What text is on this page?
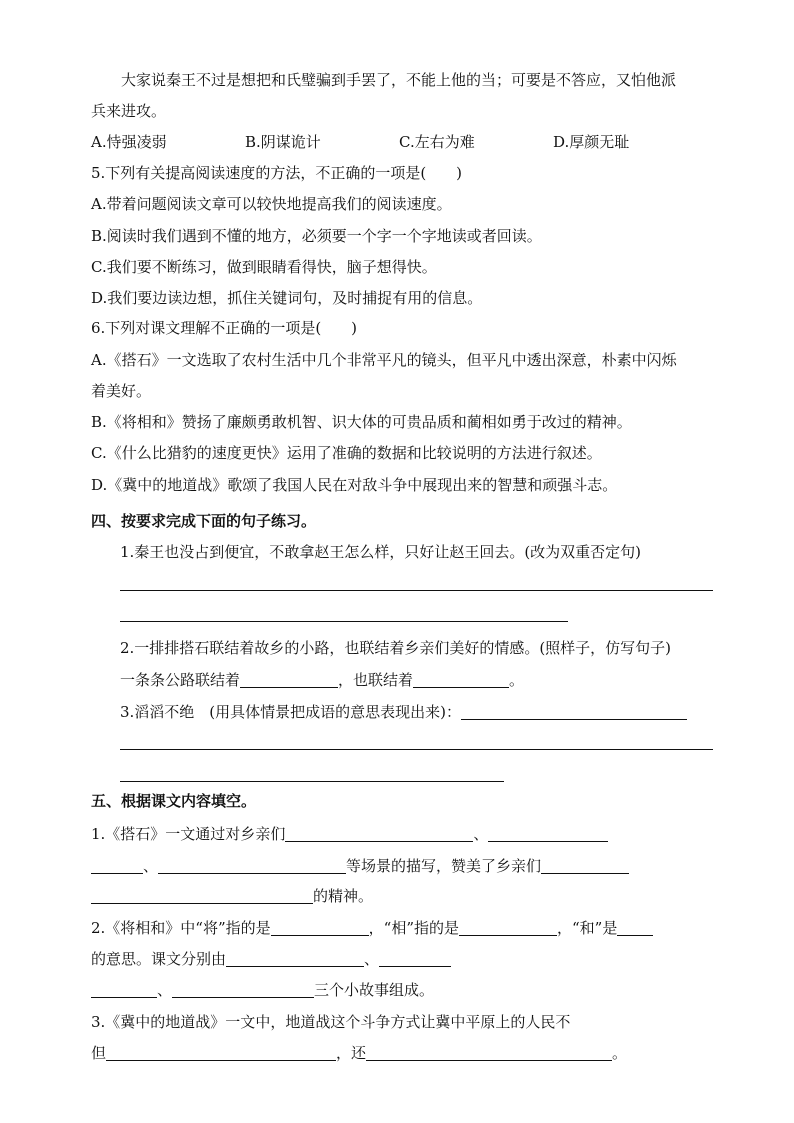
大家说秦王不过是想把和氏璧骗到手罢了，不能上他的当；可要是不答应，又怕他派
兵来进攻。
A.恃强凌弱	B.阴谋诡计	C.左右为难	D.厚颜无耻
5.下列有关提高阅读速度的方法，不正确的一项是(　　)
A.带着问题阅读文章可以较快地提高我们的阅读速度。
B.阅读时我们遇到不懂的地方，必须要一个字一个字地读或者回读。
C.我们要不断练习，做到眼睛看得快，脑子想得快。
D.我们要边读边想，抓住关键词句，及时捕捉有用的信息。
6.下列对课文理解不正确的一项是(　　)
A.《搭石》一文选取了农村生活中几个非常平凡的镜头，但平凡中透出深意，朴素中闪烁
着美好。
B.《将相和》赞扬了廉颇勇敢机智、识大体的可贵品质和蔺相如勇于改过的精神。
C.《什么比猎豹的速度更快》运用了准确的数据和比较说明的方法进行叙述。
D.《冀中的地道战》歌颂了我国人民在对敌斗争中展现出来的智慧和顽强斗志。
四、按要求完成下面的句子练习。
1.秦王也没占到便宜，不敢拿赵王怎么样，只好让赵王回去。(改为双重否定句)
2.一排排搭石联结着故乡的小路，也联结着乡亲们美好的情感。(照样子，仿写句子)
一条条公路联结着	，也联结着	。
3.滔滔不绝　(用具体情景把成语的意思表现出来)：
五、根据课文内容填空。
1.《搭石》一文通过对乡亲们	、
、	等场景的描写，赞美了乡亲们
的精神。
2.《将相和》中“将”指的是	，“相”指的是	，“和”是
的意思。课文分别由	、
、	三个小故事组成。
3.《冀中的地道战》一文中，地道战这个斗争方式让冀中平原上的人民不
但	，还	。
